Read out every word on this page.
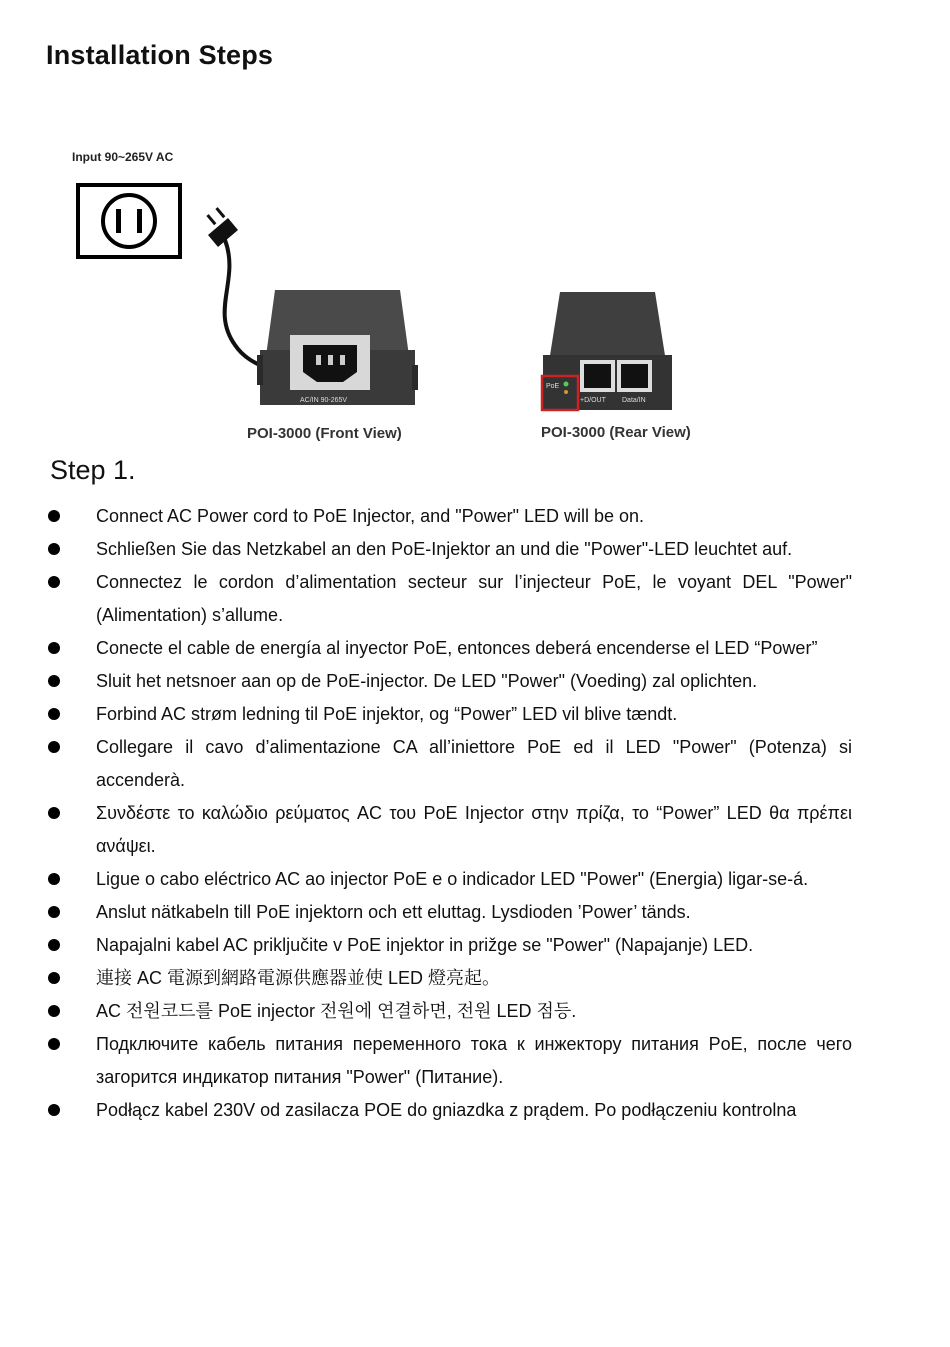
Installation Steps
Input 90~265V AC
AC/IN 90-265V
PoE
+D/OUT Data/IN
POI-3000 (Front View)	POI-3000 (Rear View)
Step 1.
Connect AC Power cord to PoE Injector, and "Power" LED will be on.
Schließen Sie das Netzkabel an den PoE-Injektor an und die "Power"-LED leuchtet auf.
Connectez le cordon d’alimentation secteur sur l’injecteur PoE, le voyant DEL "Power" (Alimentation) s’allume.
Conecte el cable de energía al inyector PoE, entonces deberá encenderse el LED “Power”
Sluit het netsnoer aan op de PoE-injector. De LED "Power" (Voeding) zal oplichten.
Forbind AC strøm ledning til PoE injektor, og “Power” LED vil blive tændt.
Collegare il cavo d’alimentazione CA all’iniettore PoE ed il LED "Power" (Potenza) si accenderà.
Συνδέστε το καλώδιο ρεύματος AC του PoE Injector στην πρίζα, το “Power” LED θα πρέπει ανάψει.
Ligue o cabo eléctrico AC ao injector PoE e o indicador LED "Power" (Energia) ligar-se-á.
Anslut nätkabeln till PoE injektorn och ett eluttag. Lysdioden ’Power’ tänds.
Napajalni kabel AC priključite v PoE injektor in prižge se "Power" (Napajanje) LED.
連接 AC 電源到網路電源供應器並使 LED 燈亮起。
AC 전원코드를 PoE injector 전원에 연결하면, 전원 LED 점등.
Подключите кабель питания переменного тока к инжектору питания PoE, после чего загорится индикатор питания "Power" (Питание).
Podłącz kabel 230V od zasilacza POE do gniazdka z prądem. Po podłączeniu kontrolna
